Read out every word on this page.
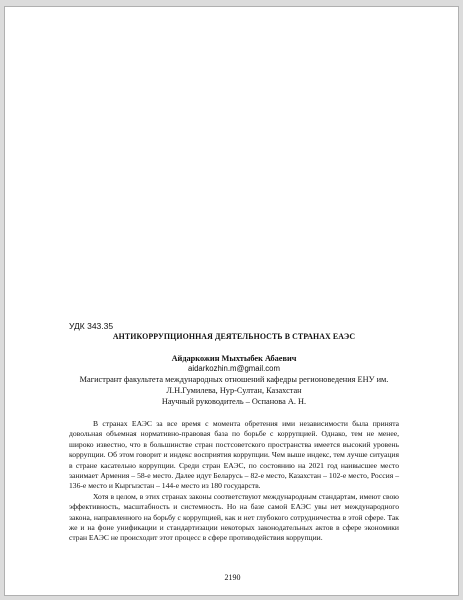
УДК 343.35

АНТИКОРРУПЦИОННАЯ ДЕЯТЕЛЬНОСТЬ В СТРАНАХ ЕАЭС

Айдаркожин Мыхтыбек Абаевич

aidarkozhin.m@gmail.com

Магистрант факультета международных отношений кафедры регионоведения ЕНУ им.

Л.Н.Гумилева, Нур-Султан, Казахстан

Научный руководитель – Оспанова А. Н.

В странах ЕАЭС за все время с момента обретения ими независимости была принята довольная объемная нормативно-правовая база по борьбе с коррупцией. Однако, тем не менее, широко известно, что в большинстве стран постсоветского пространства имеется высокий уровень коррупции. Об этом говорит и индекс восприятия коррупции. Чем выше индекс, тем лучше ситуация в стране касательно коррупции. Среди стран ЕАЭС, по состоянию на 2021 год наивысшее место занимает Армения – 58-е место. Далее идут Беларусь – 82-е место, Казахстан – 102-е место, Россия – 136-е место и Кыргызстан – 144-е место из 180 государств.

Хотя в целом, в этих странах законы соответствуют международным стандартам, имеют свою эффективность, масштабность и системность. Но на базе самой ЕАЭС увы нет международного закона, направленного на борьбу с коррупцией, как и нет глубокого сотрудничества в этой сфере. Так же и на фоне унификации и стандартизации некоторых законодательных актов в сфере экономики стран ЕАЭС не происходит этот процесс в сфере противодействия коррупции.

2190
